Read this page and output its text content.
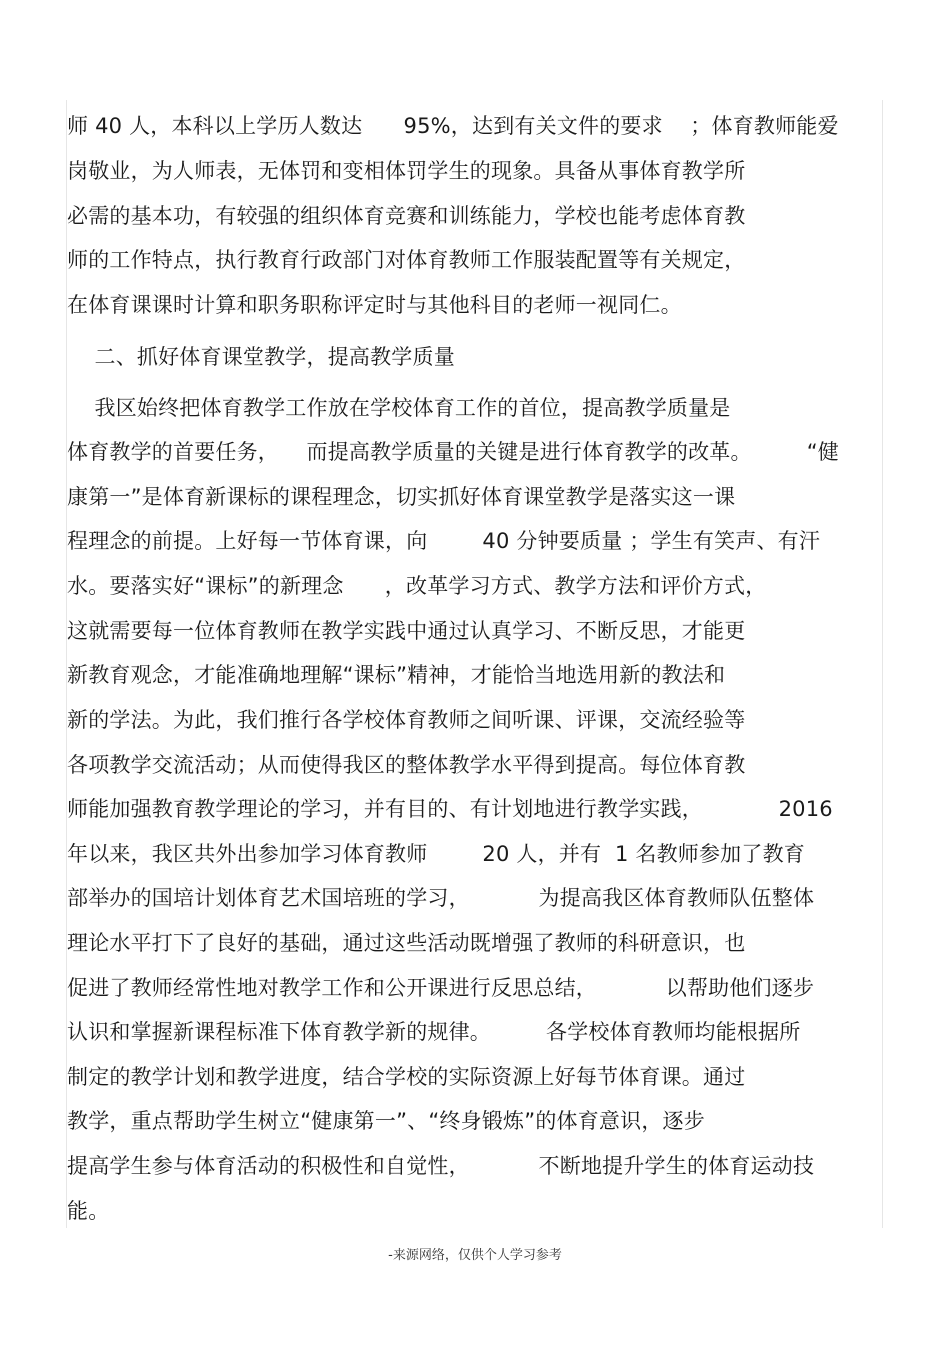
师 40 人，本科以上学历人数达      95%，达到有关文件的要求    ；体育教师能爱
岗敬业，为人师表，无体罚和变相体罚学生的现象。具备从事体育教学所
必需的基本功，有较强的组织体育竞赛和训练能力，学校也能考虑体育教
师的工作特点，执行教育行政部门对体育教师工作服装配置等有关规定，
在体育课课时计算和职务职称评定时与其他科目的老师一视同仁。
二、抓好体育课堂教学，提高教学质量
我区始终把体育教学工作放在学校体育工作的首位，提高教学质量是
体育教学的首要任务，    而提高教学质量的关键是进行体育教学的改革。        “健
康第一”是体育新课标的课程理念，切实抓好体育课堂教学是落实这一课
程理念的前提。上好每一节体育课，向        40 分钟要质量 ；学生有笑声、有汗
水。要落实好“课标”的新理念      ，改革学习方式、教学方法和评价方式，
这就需要每一位体育教师在教学实践中通过认真学习、不断反思，才能更
新教育观念，才能准确地理解“课标”精神，才能恰当地选用新的教法和
新的学法。为此，我们推行各学校体育教师之间听课、评课，交流经验等
各项教学交流活动；从而使得我区的整体教学水平得到提高。每位体育教
师能加强教育教学理论的学习，并有目的、有计划地进行教学实践，           2016
年以来，我区共外出参加学习体育教师        20 人，并有  1 名教师参加了教育
部举办的国培计划体育艺术国培班的学习，          为提高我区体育教师队伍整体
理论水平打下了良好的基础，通过这些活动既增强了教师的科研意识，也
促进了教师经常性地对教学工作和公开课进行反思总结，          以帮助他们逐步
认识和掌握新课程标准下体育教学新的规律。        各学校体育教师均能根据所
制定的教学计划和教学进度，结合学校的实际资源上好每节体育课。通过
教学，重点帮助学生树立“健康第一”、“终身锻炼”的体育意识，逐步
提高学生参与体育活动的积极性和自觉性，          不断地提升学生的体育运动技
能。
-来源网络，仅供个人学习参考
